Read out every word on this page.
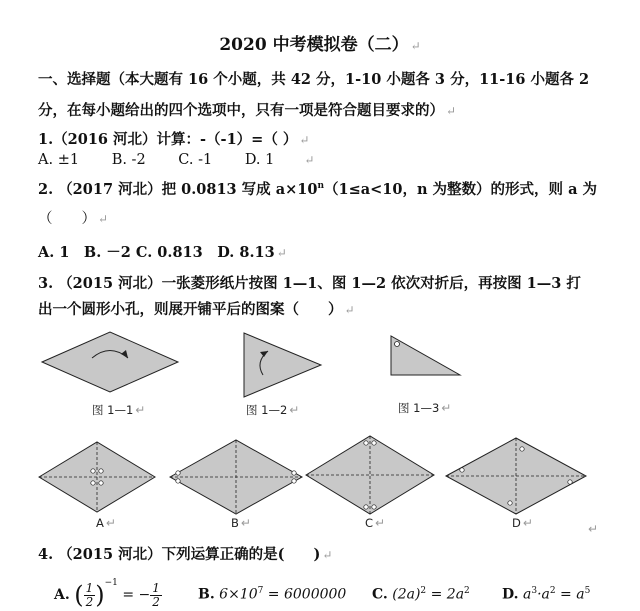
2020 中考模拟卷（二） ↵
一、选择题（本大题有 16 个小题，共 42 分，1-10 小题各 3 分，11-16 小题各 2
分，在每小题给出的四个选项中，只有一项是符合题目要求的） ↵
1.（2016 河北）计算：-（-1）=（ ） ↵
A. ±1 B. -2 C. -1 D. 1	↵
2. （2017 河北）把 0.0813 写成 $a\times 10^n(1\le a<10$，n 为整数）的形式，则 a 为
（　　） ↵
A. 1　B. －2 C. 0.813　D. 8.13 ↵
3. （2015 河北）一张菱形纸片按图 1—1、图 1—2 依次对折后，再按图 1—3 打
出一个圆形小孔，则展开铺平后的图案（　　） ↵
图 1—1 ↵	图 1—2 ↵	图 1—3 ↵
A ↵	B ↵	C ↵	D ↵	↵
4. （2015 河北）下列运算正确的是(　　) ↵
A. ( $\frac{1}{2} )^{-1}$ = − $\frac{1}{2}$	B. $6\times 10^7 = 6000000$ C. $(2a)^2 = 2a^2$ D. $a^3\cdot a^2 = a^5$
